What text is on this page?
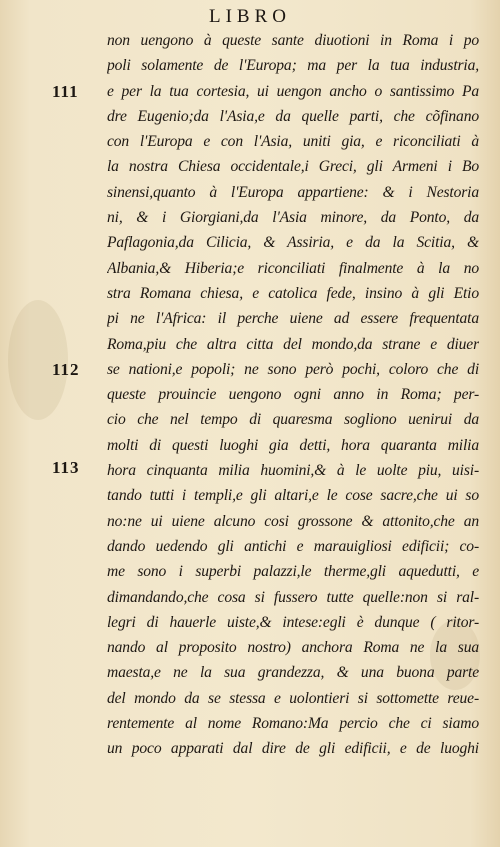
LIBRO
111
112
113
non uengono à queste sante diuotioni in Roma i po
poli solamente de l'Europa; ma per la tua industria,
e per la tua cortesia, ui uengon ancho o santissimo Pa
dre Eugenio;da l'Asia,e da quelle parti, che cõfinano
con l'Europa e con l'Asia, uniti gia, e riconciliati à
la nostra Chiesa occidentale,i Greci, gli Armeni i Bo
sinensi,quanto à l'Europa appartiene: & i Nestoria
ni, & i Giorgiani,da l'Asia minore, da Ponto, da
Paflagonia,da Cilicia, & Assiria, e da la Scitia, &
Albania,& Hiberia;e riconciliati finalmente à la no
stra Romana chiesa, e catolica fede, insino à gli Etio
pi ne l'Africa: il perche uiene ad essere frequentata
Roma,piu che altra citta del mondo,da strane e diuer
se nationi,e popoli; ne sono però pochi, coloro che di
queste prouincie uengono ogni anno in Roma; per-
cio che nel tempo di quaresma sogliono uenirui da
molti di questi luoghi gia detti, hora quaranta milia
hora cinquanta milia huomini,& à le uolte piu, uisi-
tando tutti i templi,e gli altari,e le cose sacre,che ui so
no:ne ui uiene alcuno cosi grossone & attonito,che an
dando uedendo gli antichi e marauigliosi edificii; co-
me sono i superbi palazzi,le therme,gli aquedutti, e
dimandando,che cosa si fussero tutte quelle:non si ral-
legri di hauerle uiste,& intese:egli è dunque ( ritor-
nando al proposito nostro) anchora Roma ne la sua
maesta,e ne la sua grandezza, & una buona parte
del mondo da se stessa e uolontieri si sottomette reue-
rentemente al nome Romano:Ma percio che ci siamo
un poco apparati dal dire de gli edificii, e de luoghi
